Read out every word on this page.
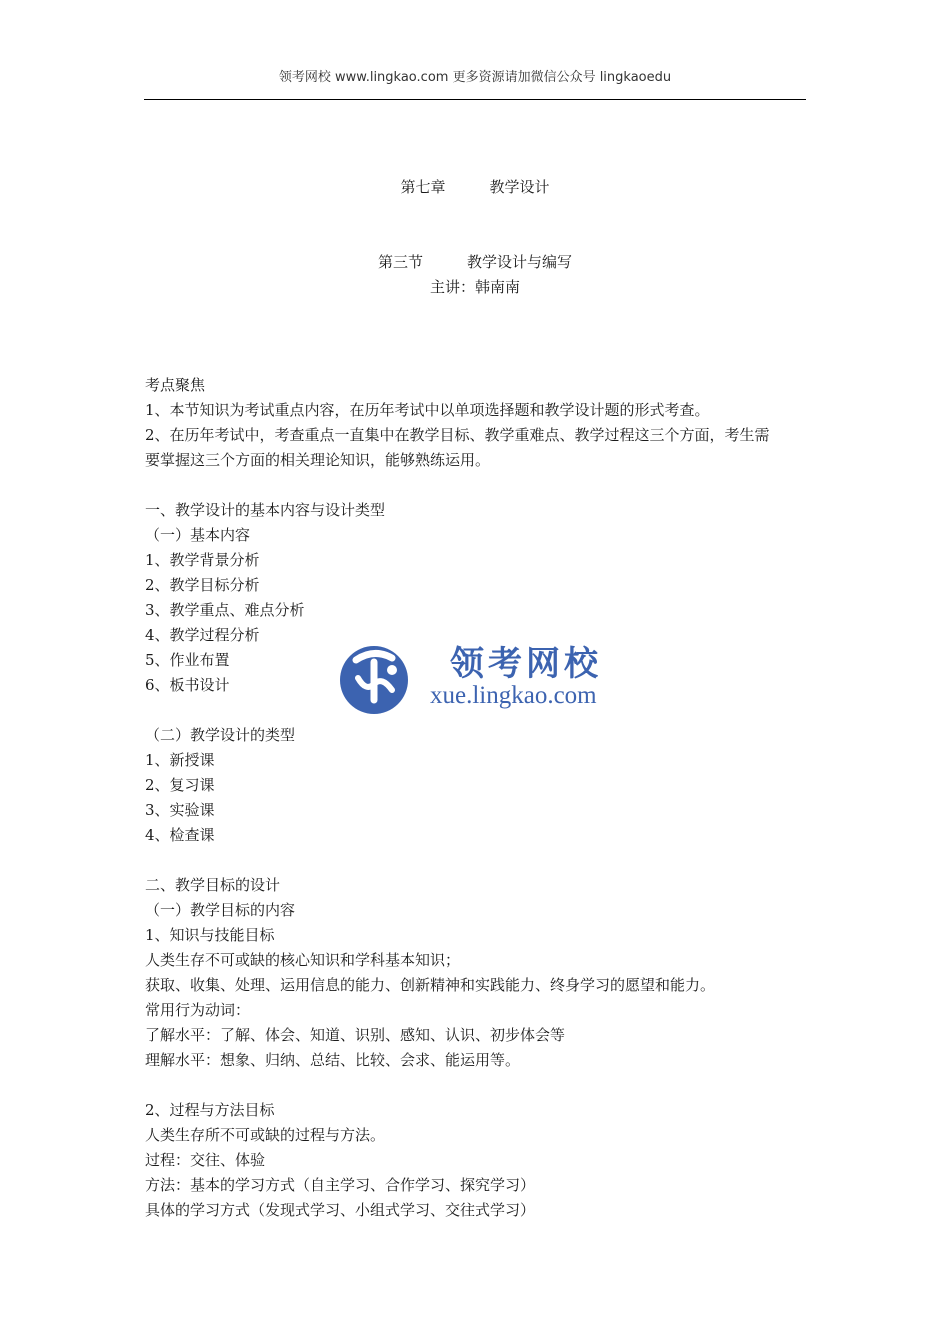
领考网校 www.lingkao.com 更多资源请加微信公众号 lingkaoedu
第七章	教学设计
第三节	教学设计与编写
主讲：韩南南

考点聚焦

1、本节知识为考试重点内容，在历年考试中以单项选择题和教学设计题的形式考查。

2、在历年考试中，考查重点一直集中在教学目标、教学重难点、教学过程这三个方面，考生需

要掌握这三个方面的相关理论知识，能够熟练运用。

一、教学设计的基本内容与设计类型

（一）基本内容

1、教学背景分析

2、教学目标分析

3、教学重点、难点分析

4、教学过程分析

5、作业布置

6、板书设计

（二）教学设计的类型

1、新授课

2、复习课

3、实验课

4、检查课

二、教学目标的设计

（一）教学目标的内容

1、知识与技能目标

人类生存不可或缺的核心知识和学科基本知识；

获取、收集、处理、运用信息的能力、创新精神和实践能力、终身学习的愿望和能力。

常用行为动词：

了解水平：了解、体会、知道、识别、感知、认识、初步体会等

理解水平：想象、归纳、总结、比较、会求、能运用等。

2、过程与方法目标

人类生存所不可或缺的过程与方法。

过程：交往、体验

方法：基本的学习方式（自主学习、合作学习、探究学习）

具体的学习方式（发现式学习、小组式学习、交往式学习）

领考网校
xue.lingkao.com
